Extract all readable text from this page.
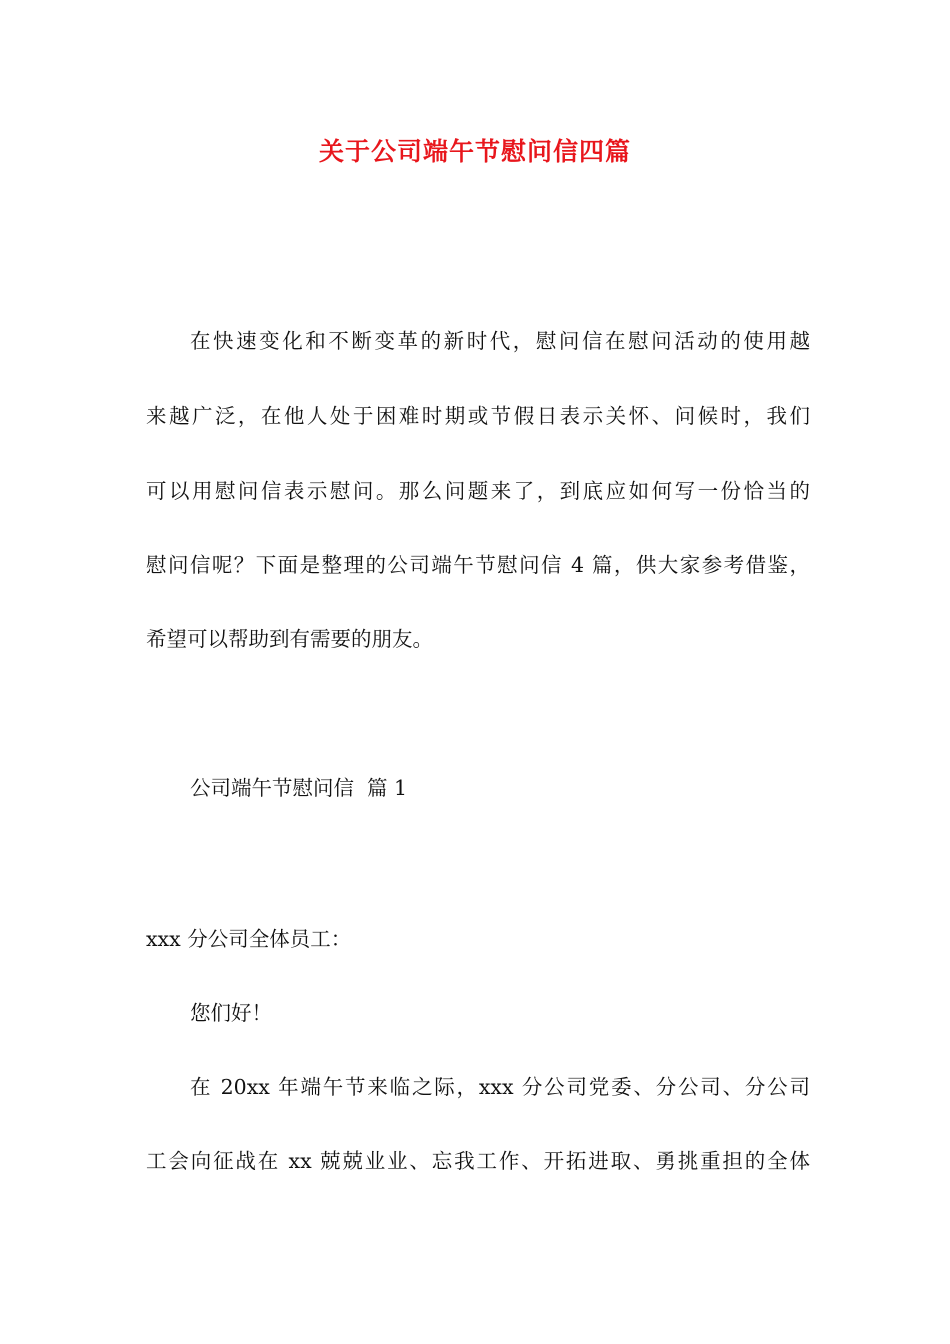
关于公司端午节慰问信四篇
在快速变化和不断变革的新时代，慰问信在慰问活动的使用越
来越广泛，在他人处于困难时期或节假日表示关怀、问候时，我们
可以用慰问信表示慰问。那么问题来了，到底应如何写一份恰当的
慰问信呢？下面是整理的公司端午节慰问信 4 篇，供大家参考借鉴，
希望可以帮助到有需要的朋友。
公司端午节慰问信  篇 1
xxx 分公司全体员工：
您们好！
在 20xx 年端午节来临之际，xxx 分公司党委、分公司、分公司
工会向征战在 xx 兢兢业业、忘我工作、开拓进取、勇挑重担的全体
